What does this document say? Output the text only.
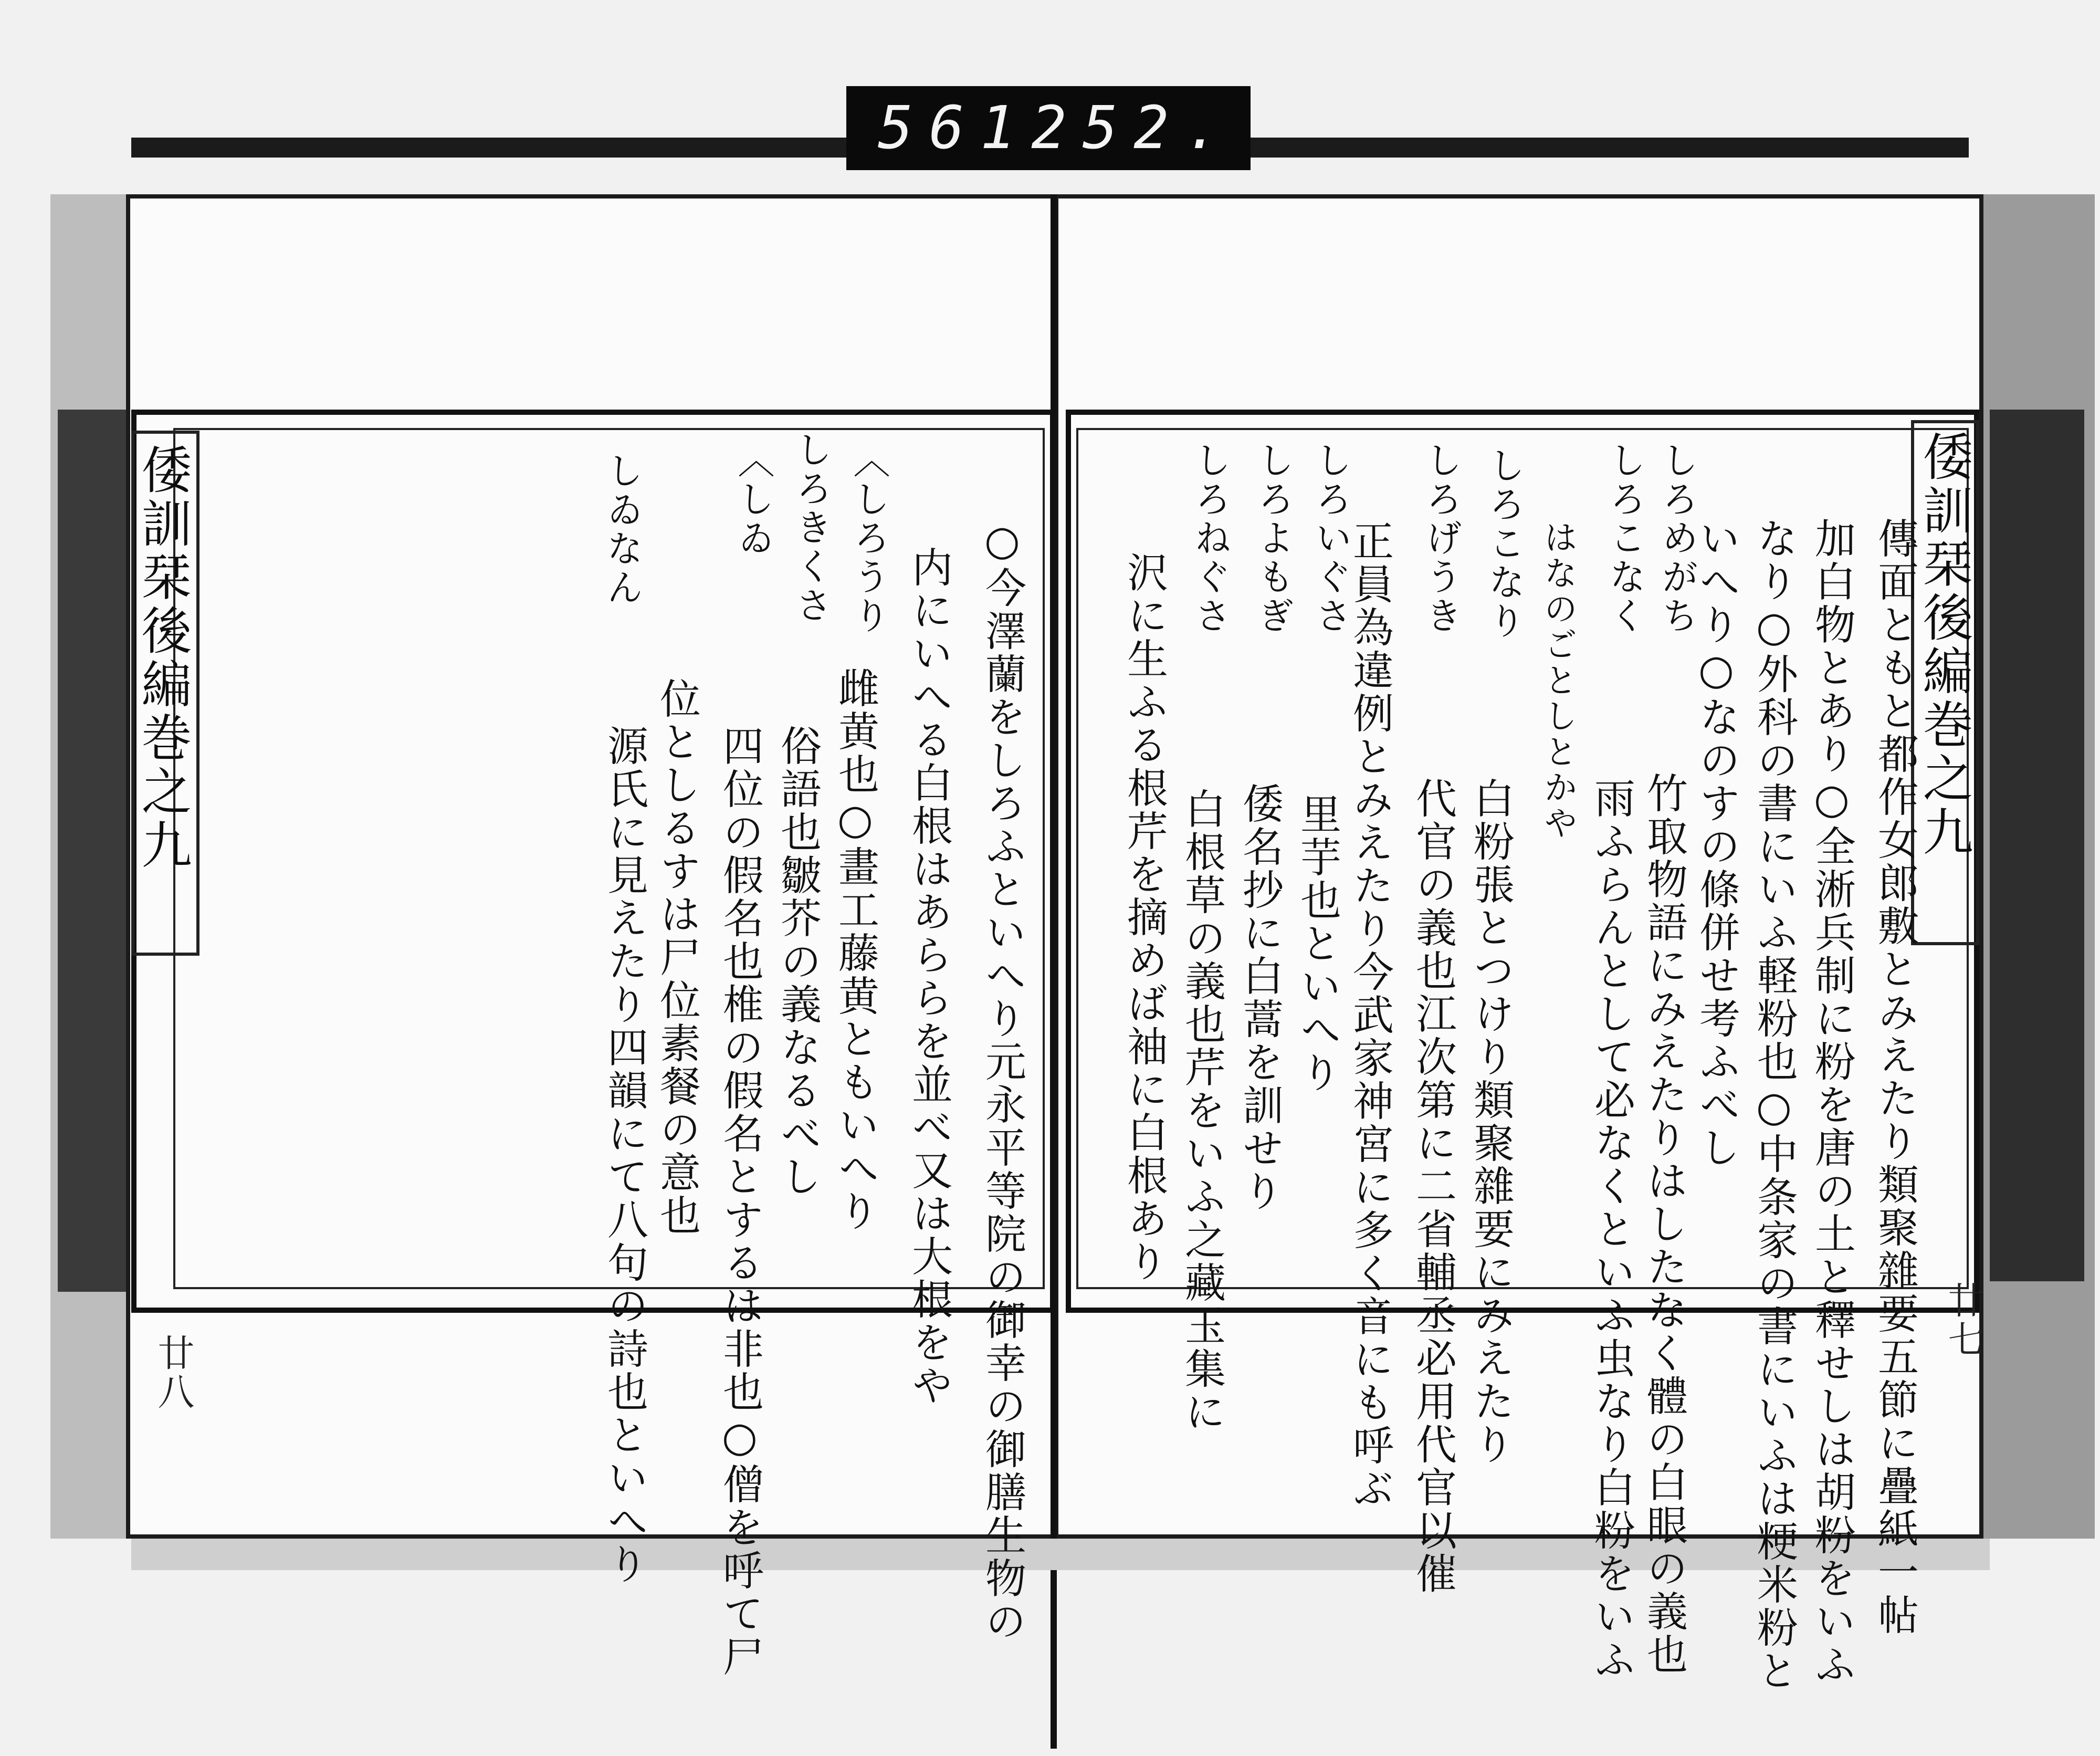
561 252.
倭訓栞後編巻之九
廿八	○今澤蘭をしろふといへり元永平等院の御幸の御膳生物の
内にいへる白根はあららを並べ又は大根をや
〈しろうり
雌黄也○畫工藤黄ともいへり
しろきくさ
俗語也皺芥の義なるべし
〈しゐ
四位の假名也椎の假名とするは非也○僧を呼て尸
位としるすは尸位素餐の意也
しゐなん
源氏に見えたり四韻にて八句の詩也といへり
倭訓栞後編巻之九
廿七
傳面ともと都作女郎敷とみえたり類聚雜要五節に疊紙一帖
加白物とあり○全淅兵制に粉を唐の土と釋せしは胡粉をいふ
なり○外科の書にいふ軽粉也○中条家の書にいふは粳米粉と
いへり○なのすの條併せ考ふべし
しろめがち
竹取物語にみえたりはしたなく體の白眼の義也
しろこなく
雨ふらんとして必なくといふ虫なり白粉をいふ
はなのごとしとかや
しろこなり
白粉張とつけり類聚雜要にみえたり
しろげうき
代官の義也江次第に二省輔丞必用代官以催
正員為違例とみえたり今武家神宮に多く音にも呼ぶ
しろいぐさ
里芋也といへり
しろよもぎ
倭名抄に白蒿を訓せり
しろねぐさ
白根草の義也芹をいふ之藏玉集に
沢に生ふる根芹を摘めば袖に白根あり
